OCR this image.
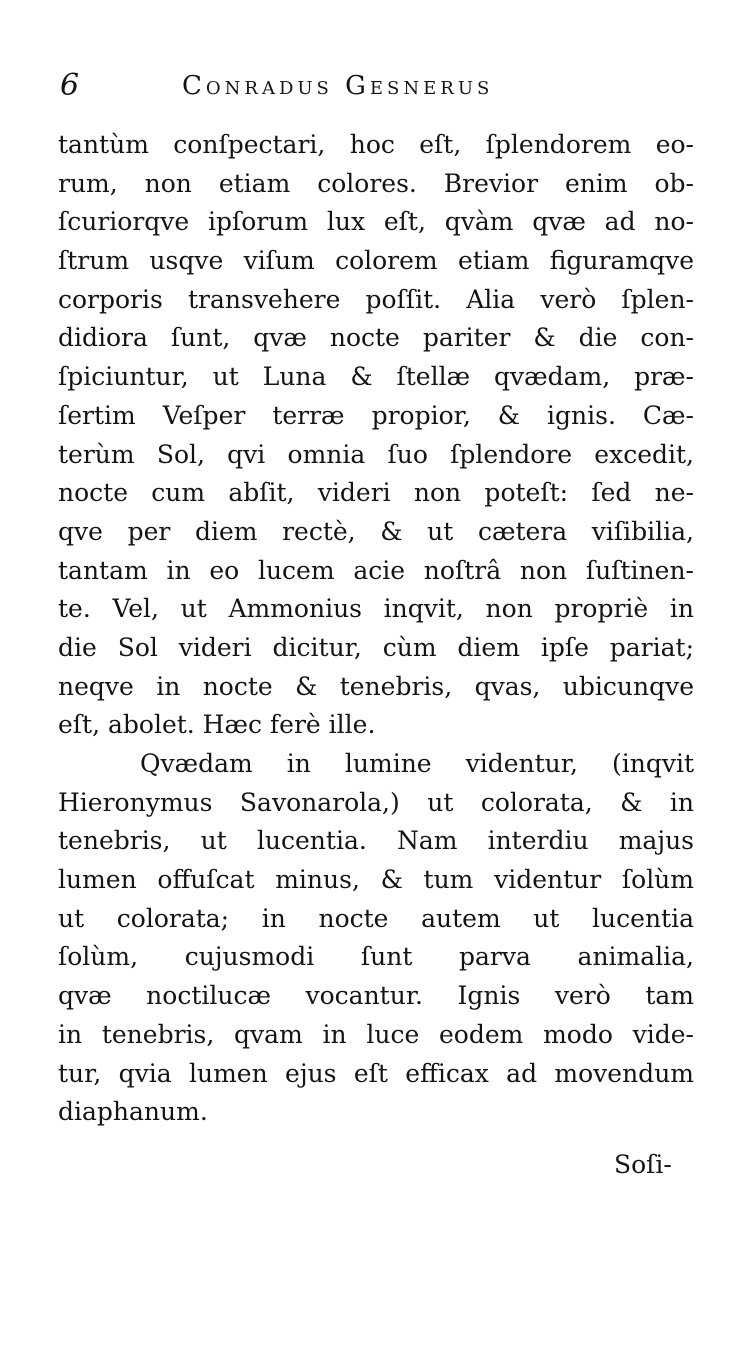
6	Conradus Gesnerus
tantùm conſpectari, hoc eſt, ſplendorem eo-
rum, non etiam colores. Brevior enim ob-
ſcuriorqve ipſorum lux eſt, qvàm qvæ ad no-
ſtrum usqve viſum colorem etiam figuramqve
corporis transvehere poſſit. Alia verò ſplen-
didiora ſunt, qvæ nocte pariter & die con-
ſpiciuntur, ut Luna & ſtellæ qvædam, præ-
ſertim Veſper terræ propior, & ignis. Cæ-
terùm Sol, qvi omnia ſuo ſplendore excedit,
nocte cum abſit, videri non poteſt: ſed ne-
qve per diem rectè, & ut cætera viſibilia,
tantam in eo lucem acie noſtrâ non ſuſtinen-
te. Vel, ut Ammonius inqvit, non propriè in
die Sol videri dicitur, cùm diem ipſe pariat;
neqve in nocte & tenebris, qvas, ubicunqve
eſt, abolet. Hæc ferè ille.
Qvædam in lumine videntur, (inqvit
Hieronymus Savonarola,) ut colorata, & in
tenebris, ut lucentia. Nam interdiu majus
lumen offuſcat minus, & tum videntur ſolùm
ut colorata; in nocte autem ut lucentia
ſolùm, cujusmodi ſunt parva animalia,
qvæ noctilucæ vocantur. Ignis verò tam
in tenebris, qvam in luce eodem modo vide-
tur, qvia lumen ejus eſt efficax ad movendum
diaphanum.
Soſi-
